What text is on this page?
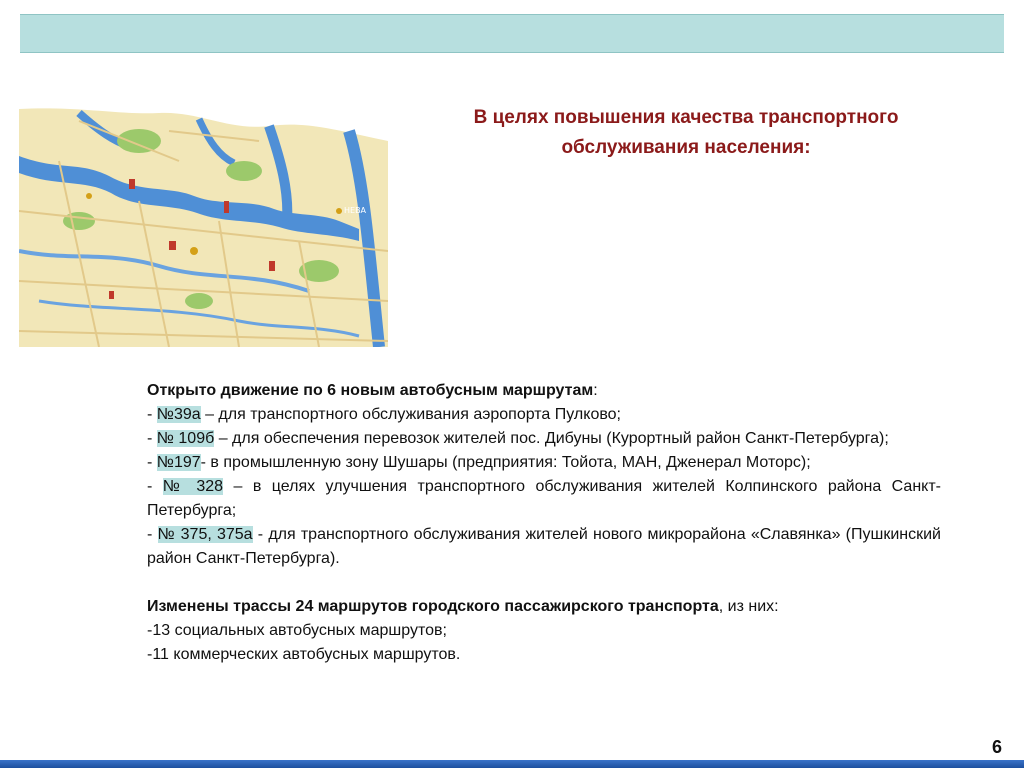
НЕВА
В целях повышения качества транспортного
обслуживания населения:

Открыто движение по 6 новым автобусным маршрутам:

- №39а – для транспортного обслуживания аэропорта Пулково;

- № 109б – для обеспечения перевозок жителей пос. Дибуны (Курортный район Санкт-Петербурга);

- №197- в промышленную зону Шушары (предприятия: Тойота, МАН, Дженерал Моторс);

- № 328 – в целях улучшения транспортного обслуживания жителей Колпинского района Санкт-Петербурга;

- № 375, 375а - для транспортного обслуживания жителей нового микрорайона «Славянка» (Пушкинский район Санкт-Петербурга).

Изменены трассы 24 маршрутов городского пассажирского транспорта, из них:

-13 социальных автобусных маршрутов;

-11 коммерческих автобусных маршрутов.

6
